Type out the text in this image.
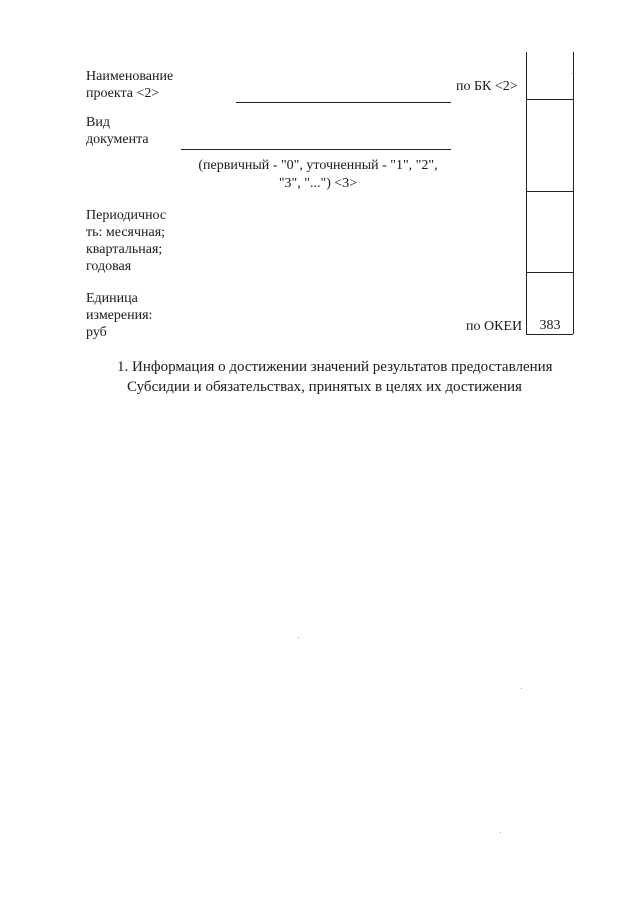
Наименование
проекта <2>
Вид
документа
Периодичнос
ть: месячная;
квартальная;
годовая
Единица
измерения:
руб
(первичный - "0", уточненный - "1", "2",
"3", "...") <3>
по БК <2>
по ОКЕИ	383
1. Информация о достижении значений результатов предоставления
Субсидии и обязательствах, принятых в целях их достижения
